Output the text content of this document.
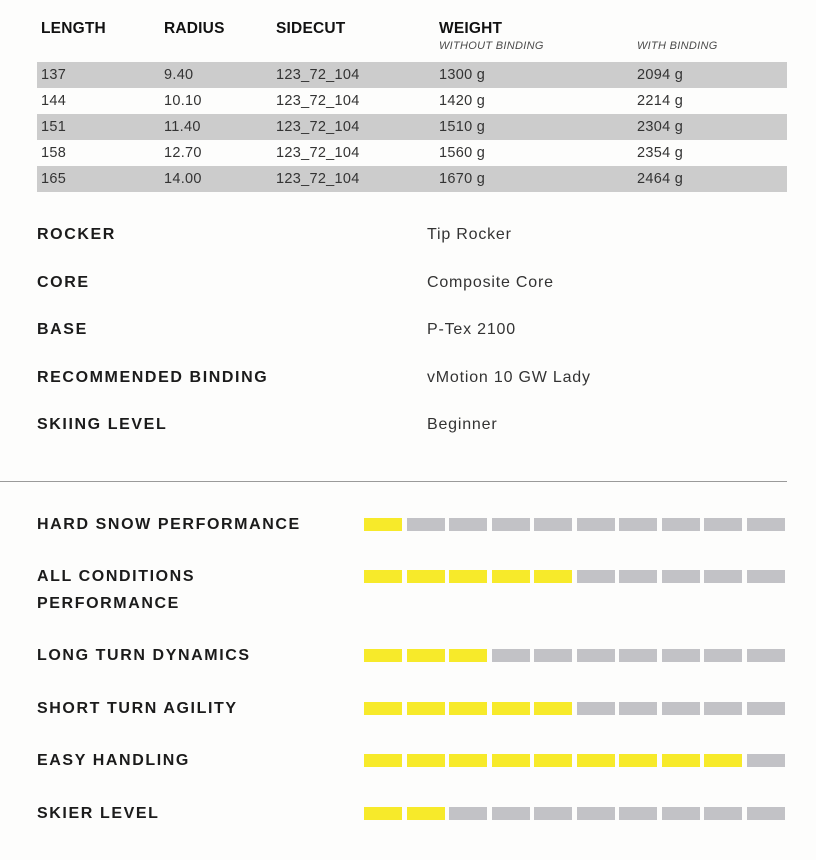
LENGTH	RADIUS	SIDECUT	WEIGHT
WITHOUT BINDING	WITH BINDING
137	9.40	123_72_104	1300 g	2094 g
144	10.10	123_72_104	1420 g	2214 g
151	11.40	123_72_104	1510 g	2304 g
158	12.70	123_72_104	1560 g	2354 g
165	14.00	123_72_104	1670 g	2464 g
ROCKER	Tip Rocker
CORE	Composite Core
BASE	P-Tex 2100
RECOMMENDED BINDING	vMotion 10 GW Lady
SKIING LEVEL	Beginner
HARD SNOW PERFORMANCE
ALL CONDITIONS PERFORMANCE
LONG TURN DYNAMICS
SHORT TURN AGILITY
EASY HANDLING
SKIER LEVEL
